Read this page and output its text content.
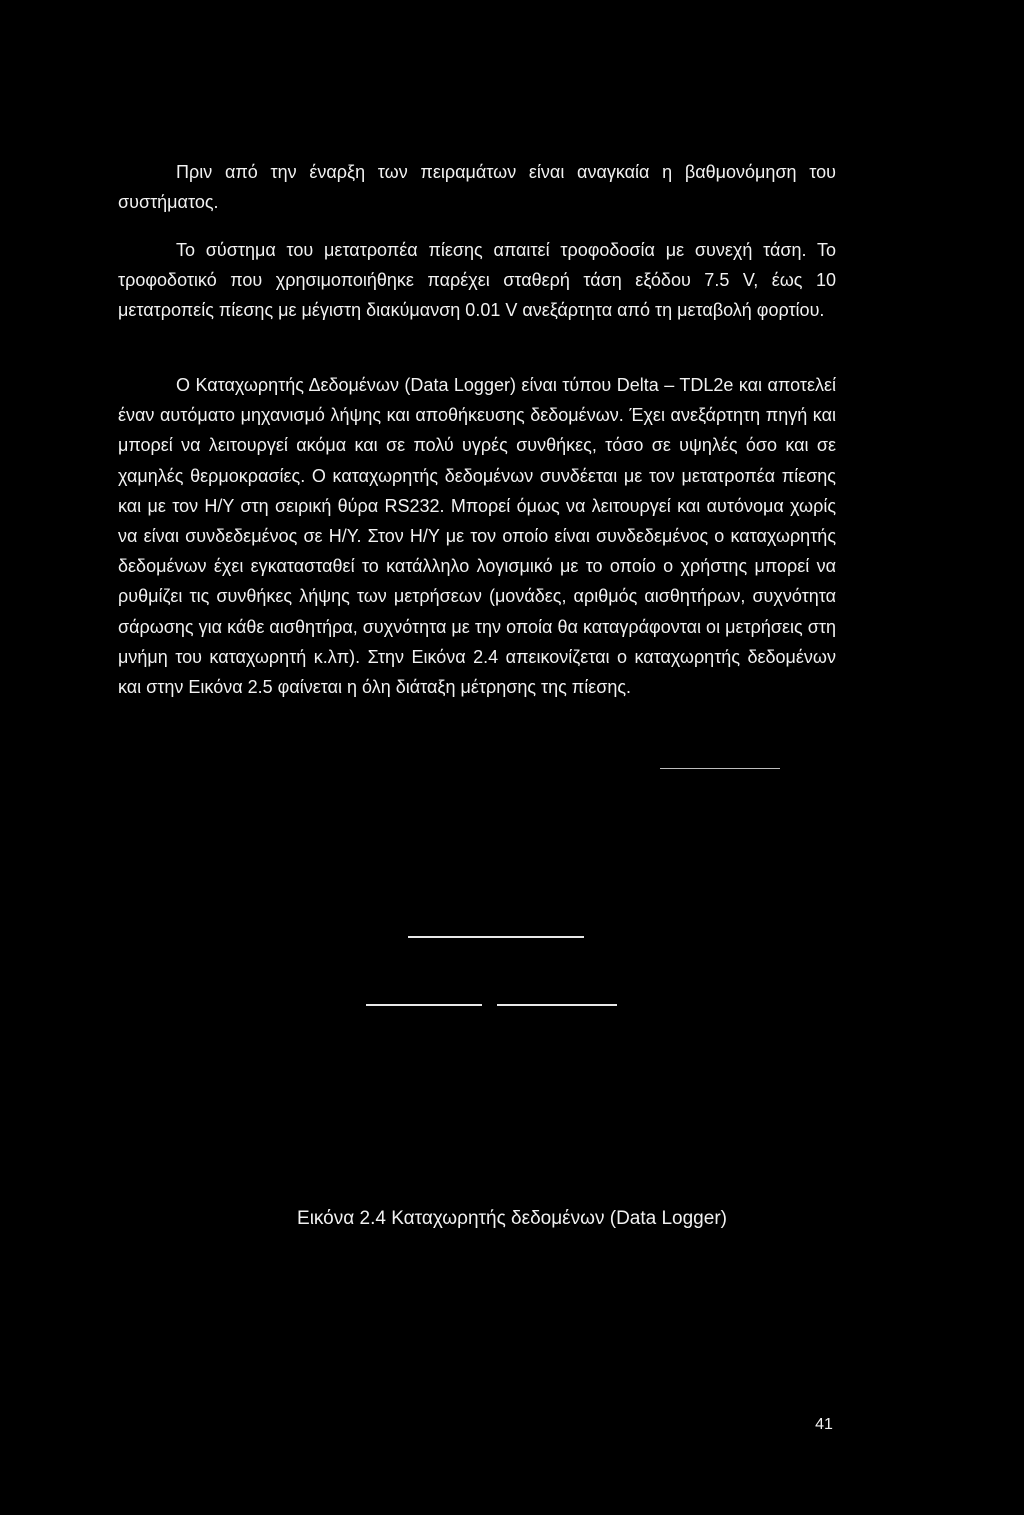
Πριν από την έναρξη των πειραμάτων είναι αναγκαία η βαθμονόμηση του συστήματος.

Το σύστημα του μετατροπέα πίεσης απαιτεί τροφοδοσία με συνεχή τάση. Το τροφοδοτικό που χρησιμοποιήθηκε παρέχει σταθερή τάση εξόδου 7.5 V, έως 10 μετατροπείς πίεσης με μέγιστη διακύμανση 0.01 V ανεξάρτητα από τη μεταβολή φορτίου.

Ο Καταχωρητής Δεδομένων (Data Logger) είναι τύπου Delta – TDL2e και αποτελεί έναν αυτόματο μηχανισμό λήψης και αποθήκευσης δεδομένων. Έχει ανεξάρτητη πηγή και μπορεί να λειτουργεί ακόμα και σε πολύ υγρές συνθήκες, τόσο σε υψηλές όσο και σε χαμηλές θερμοκρασίες. Ο καταχωρητής δεδομένων συνδέεται με τον μετατροπέα πίεσης και με τον Η/Υ στη σειρική θύρα RS232. Μπορεί όμως να λειτουργεί και αυτόνομα χωρίς να είναι συνδεδεμένος σε Η/Υ. Στον Η/Υ με τον οποίο είναι συνδεδεμένος ο καταχωρητής δεδομένων έχει εγκατασταθεί το κατάλληλο λογισμικό με το οποίο ο χρήστης μπορεί να ρυθμίζει τις συνθήκες λήψης των μετρήσεων (μονάδες, αριθμός αισθητήρων, συχνότητα σάρωσης για κάθε αισθητήρα, συχνότητα με την οποία θα καταγράφονται οι μετρήσεις στη μνήμη του καταχωρητή κ.λπ). Στην Εικόνα 2.4 απεικονίζεται ο καταχωρητής δεδομένων και στην Εικόνα 2.5 φαίνεται η όλη διάταξη μέτρησης της πίεσης.

Εικόνα 2.4 Καταχωρητής δεδομένων (Data Logger)

41
